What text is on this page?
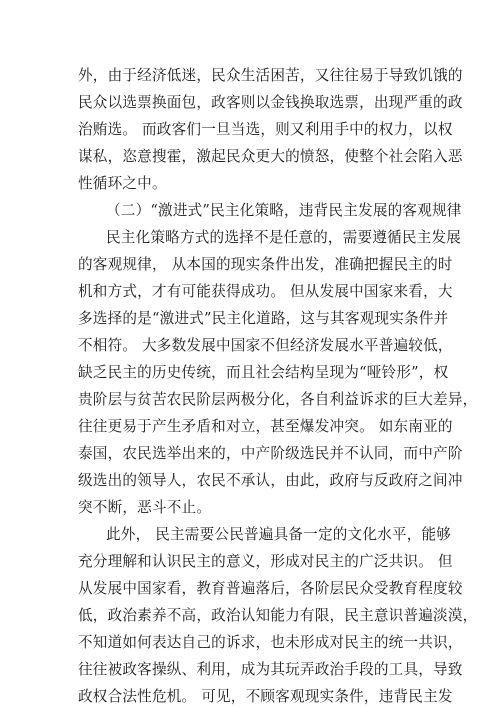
外，由于经济低迷，民众生活困苦，又往往易于导致饥饿的
民众以选票换面包，政客则以金钱换取选票，出现严重的政
治贿选。 而政客们一旦当选，则又利用手中的权力，以权
谋私，恣意搜霍，激起民众更大的愤怒，使整个社会陷入恶
性循环之中。
（二）“激进式”民主化策略，违背民主发展的客观规律
民主化策略方式的选择不是任意的，需要遵循民主发展
的客观规律， 从本国的现实条件出发，准确把握民主的时
机和方式，才有可能获得成功。 但从发展中国家来看，大
多选择的是“激进式”民主化道路，这与其客观现实条件并
不相符。 大多数发展中国家不但经济发展水平普遍较低，
缺乏民主的历史传统，而且社会结构呈现为“哑铃形”，权
贵阶层与贫苦农民阶层两极分化，各自利益诉求的巨大差异，
往往更易于产生矛盾和对立，甚至爆发冲突。 如东南亚的
泰国，农民选举出来的，中产阶级选民并不认同，而中产阶
级选出的领导人，农民不承认，由此，政府与反政府之间冲
突不断，恶斗不止。
此外， 民主需要公民普遍具备一定的文化水平，能够
充分理解和认识民主的意义，形成对民主的广泛共识。 但
从发展中国家看，教育普遍落后，各阶层民众受教育程度较
低，政治素养不高，政治认知能力有限，民主意识普遍淡漠，
不知道如何表达自己的诉求，也未形成对民主的统一共识，
往往被政客操纵、利用，成为其玩弄政治手段的工具，导致
政权合法性危机。 可见，不顾客观现实条件，违背民主发
